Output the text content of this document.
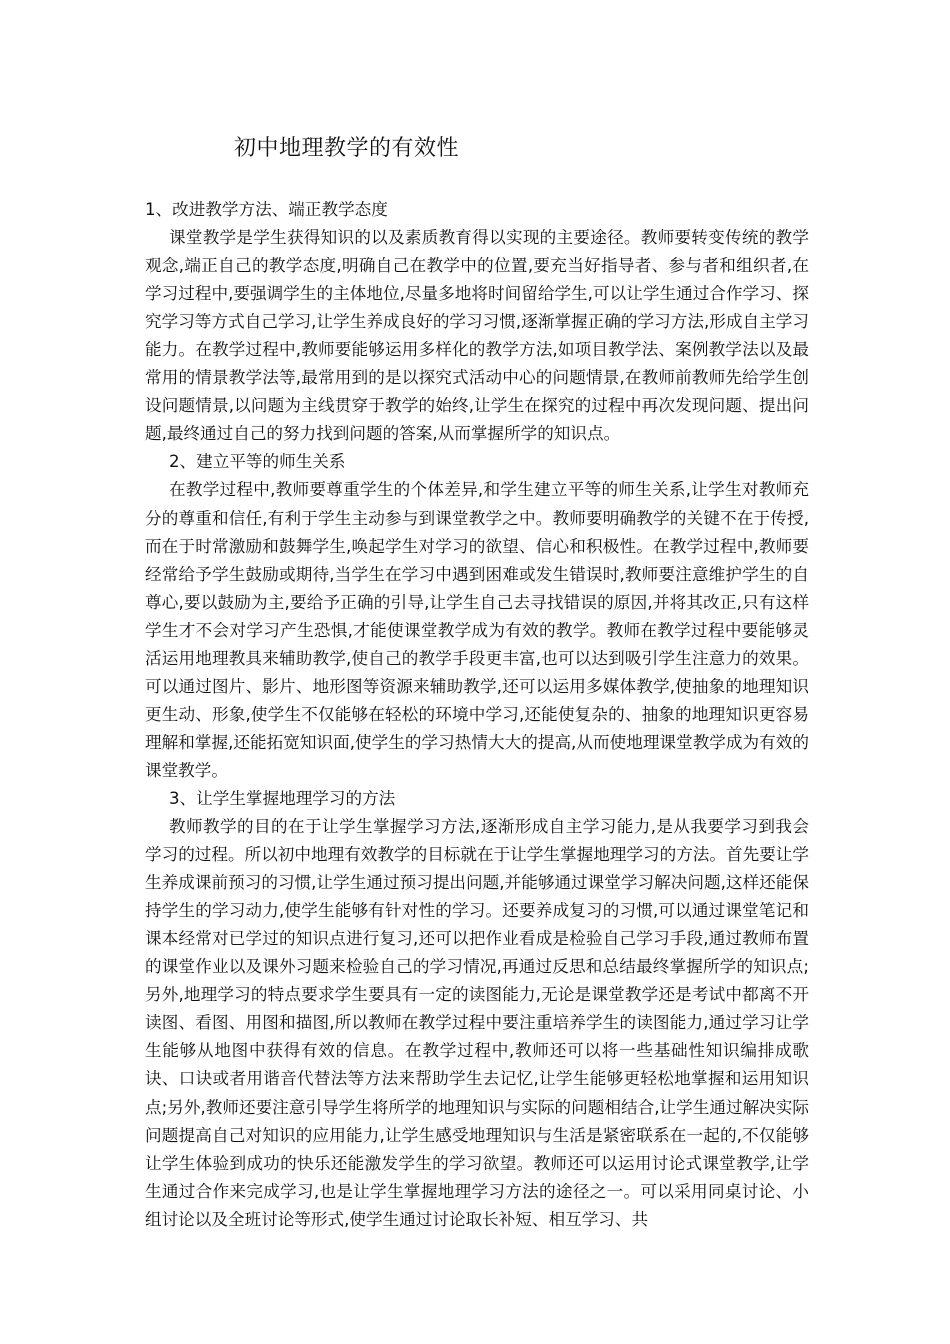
初中地理教学的有效性

1、改进教学方法、端正教学态度

课堂教学是学生获得知识的以及素质教育得以实现的主要途径。教师要转变传统的教学观念,端正自己的教学态度,明确自己在教学中的位置,要充当好指导者、参与者和组织者,在学习过程中,要强调学生的主体地位,尽量多地将时间留给学生,可以让学生通过合作学习、探究学习等方式自己学习,让学生养成良好的学习习惯,逐渐掌握正确的学习方法,形成自主学习能力。在教学过程中,教师要能够运用多样化的教学方法,如项目教学法、案例教学法以及最常用的情景教学法等,最常用到的是以探究式活动中心的问题情景,在教师前教师先给学生创设问题情景,以问题为主线贯穿于教学的始终,让学生在探究的过程中再次发现问题、提出问题,最终通过自己的努力找到问题的答案,从而掌握所学的知识点。

2、建立平等的师生关系

在教学过程中,教师要尊重学生的个体差异,和学生建立平等的师生关系,让学生对教师充分的尊重和信任,有利于学生主动参与到课堂教学之中。教师要明确教学的关键不在于传授,而在于时常激励和鼓舞学生,唤起学生对学习的欲望、信心和积极性。在教学过程中,教师要经常给予学生鼓励或期待,当学生在学习中遇到困难或发生错误时,教师要注意维护学生的自尊心,要以鼓励为主,要给予正确的引导,让学生自己去寻找错误的原因,并将其改正,只有这样学生才不会对学习产生恐惧,才能使课堂教学成为有效的教学。教师在教学过程中要能够灵活运用地理教具来辅助教学,使自己的教学手段更丰富,也可以达到吸引学生注意力的效果。可以通过图片、影片、地形图等资源来辅助教学,还可以运用多媒体教学,使抽象的地理知识更生动、形象,使学生不仅能够在轻松的环境中学习,还能使复杂的、抽象的地理知识更容易理解和掌握,还能拓宽知识面,使学生的学习热情大大的提高,从而使地理课堂教学成为有效的课堂教学。

3、让学生掌握地理学习的方法

教师教学的目的在于让学生掌握学习方法,逐渐形成自主学习能力,是从我要学习到我会学习的过程。所以初中地理有效教学的目标就在于让学生掌握地理学习的方法。首先要让学生养成课前预习的习惯,让学生通过预习提出问题,并能够通过课堂学习解决问题,这样还能保持学生的学习动力,使学生能够有针对性的学习。还要养成复习的习惯,可以通过课堂笔记和课本经常对已学过的知识点进行复习,还可以把作业看成是检验自己学习手段,通过教师布置的课堂作业以及课外习题来检验自己的学习情况,再通过反思和总结最终掌握所学的知识点;另外,地理学习的特点要求学生要具有一定的读图能力,无论是课堂教学还是考试中都离不开读图、看图、用图和描图,所以教师在教学过程中要注重培养学生的读图能力,通过学习让学生能够从地图中获得有效的信息。在教学过程中,教师还可以将一些基础性知识编排成歌诀、口诀或者用谐音代替法等方法来帮助学生去记忆,让学生能够更轻松地掌握和运用知识点;另外,教师还要注意引导学生将所学的地理知识与实际的问题相结合,让学生通过解决实际问题提高自己对知识的应用能力,让学生感受地理知识与生活是紧密联系在一起的,不仅能够让学生体验到成功的快乐还能激发学生的学习欲望。教师还可以运用讨论式课堂教学,让学生通过合作来完成学习,也是让学生掌握地理学习方法的途径之一。可以采用同桌讨论、小组讨论以及全班讨论等形式,使学生通过讨论取长补短、相互学习、共
